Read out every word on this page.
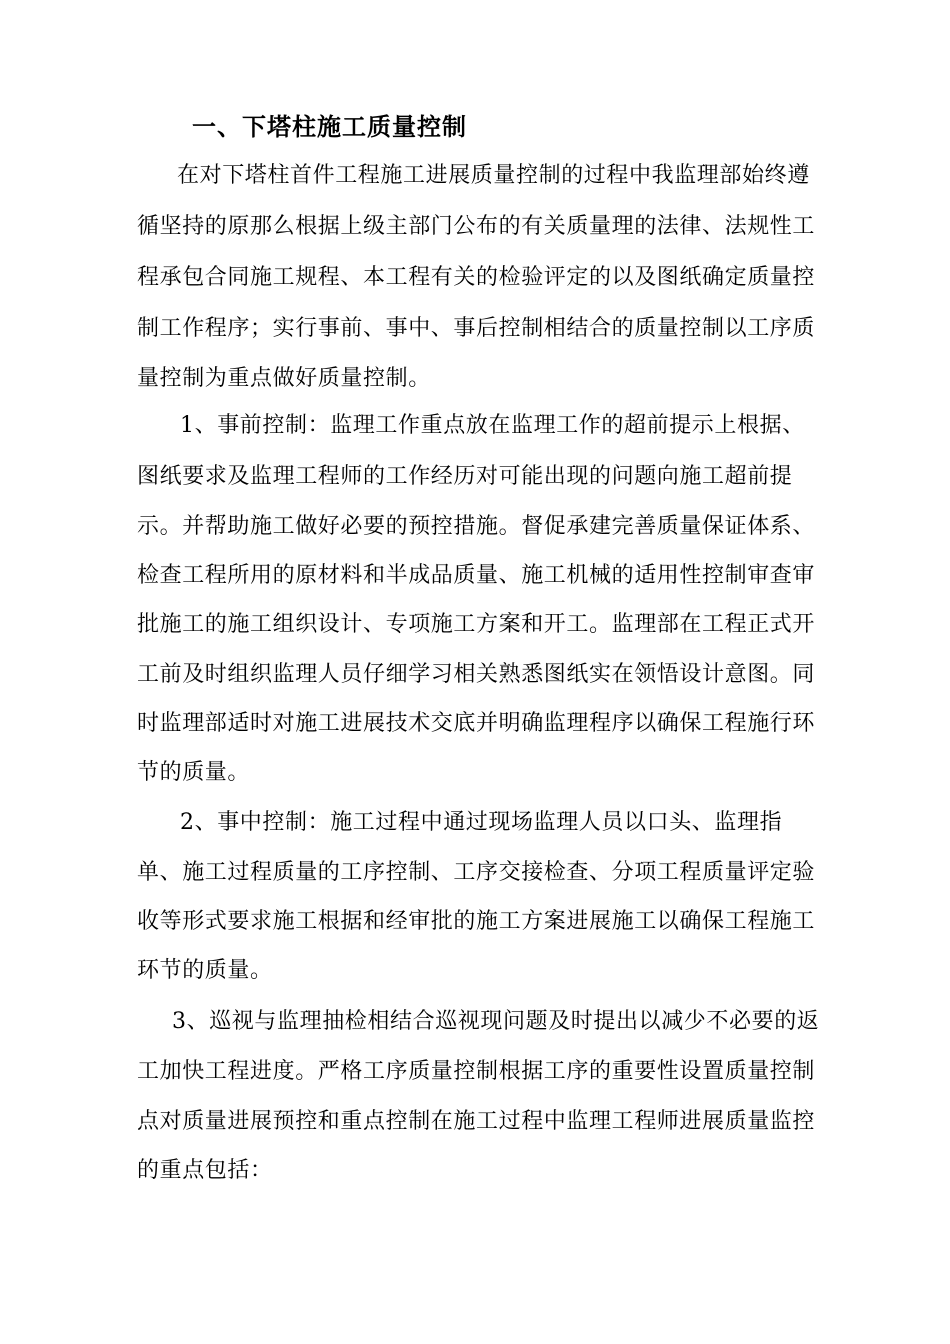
一、下塔柱施工质量控制
在对下塔柱首件工程施工进展质量控制的过程中我监理部始终遵
循坚持的原那么根据上级主部门公布的有关质量理的法律、法规性工
程承包合同施工规程、本工程有关的检验评定的以及图纸确定质量控
制工作程序；实行事前、事中、事后控制相结合的质量控制以工序质
量控制为重点做好质量控制。
1、事前控制：监理工作重点放在监理工作的超前提示上根据、
图纸要求及监理工程师的工作经历对可能出现的问题向施工超前提
示。并帮助施工做好必要的预控措施。督促承建完善质量保证体系、
检查工程所用的原材料和半成品质量、施工机械的适用性控制审查审
批施工的施工组织设计、专项施工方案和开工。监理部在工程正式开
工前及时组织监理人员仔细学习相关熟悉图纸实在领悟设计意图。同
时监理部适时对施工进展技术交底并明确监理程序以确保工程施行环
节的质量。
2、事中控制：施工过程中通过现场监理人员以口头、监理指
单、施工过程质量的工序控制、工序交接检查、分项工程质量评定验
收等形式要求施工根据和经审批的施工方案进展施工以确保工程施工
环节的质量。
3、巡视与监理抽检相结合巡视现问题及时提出以减少不必要的返
工加快工程进度。严格工序质量控制根据工序的重要性设置质量控制
点对质量进展预控和重点控制在施工过程中监理工程师进展质量监控
的重点包括：
